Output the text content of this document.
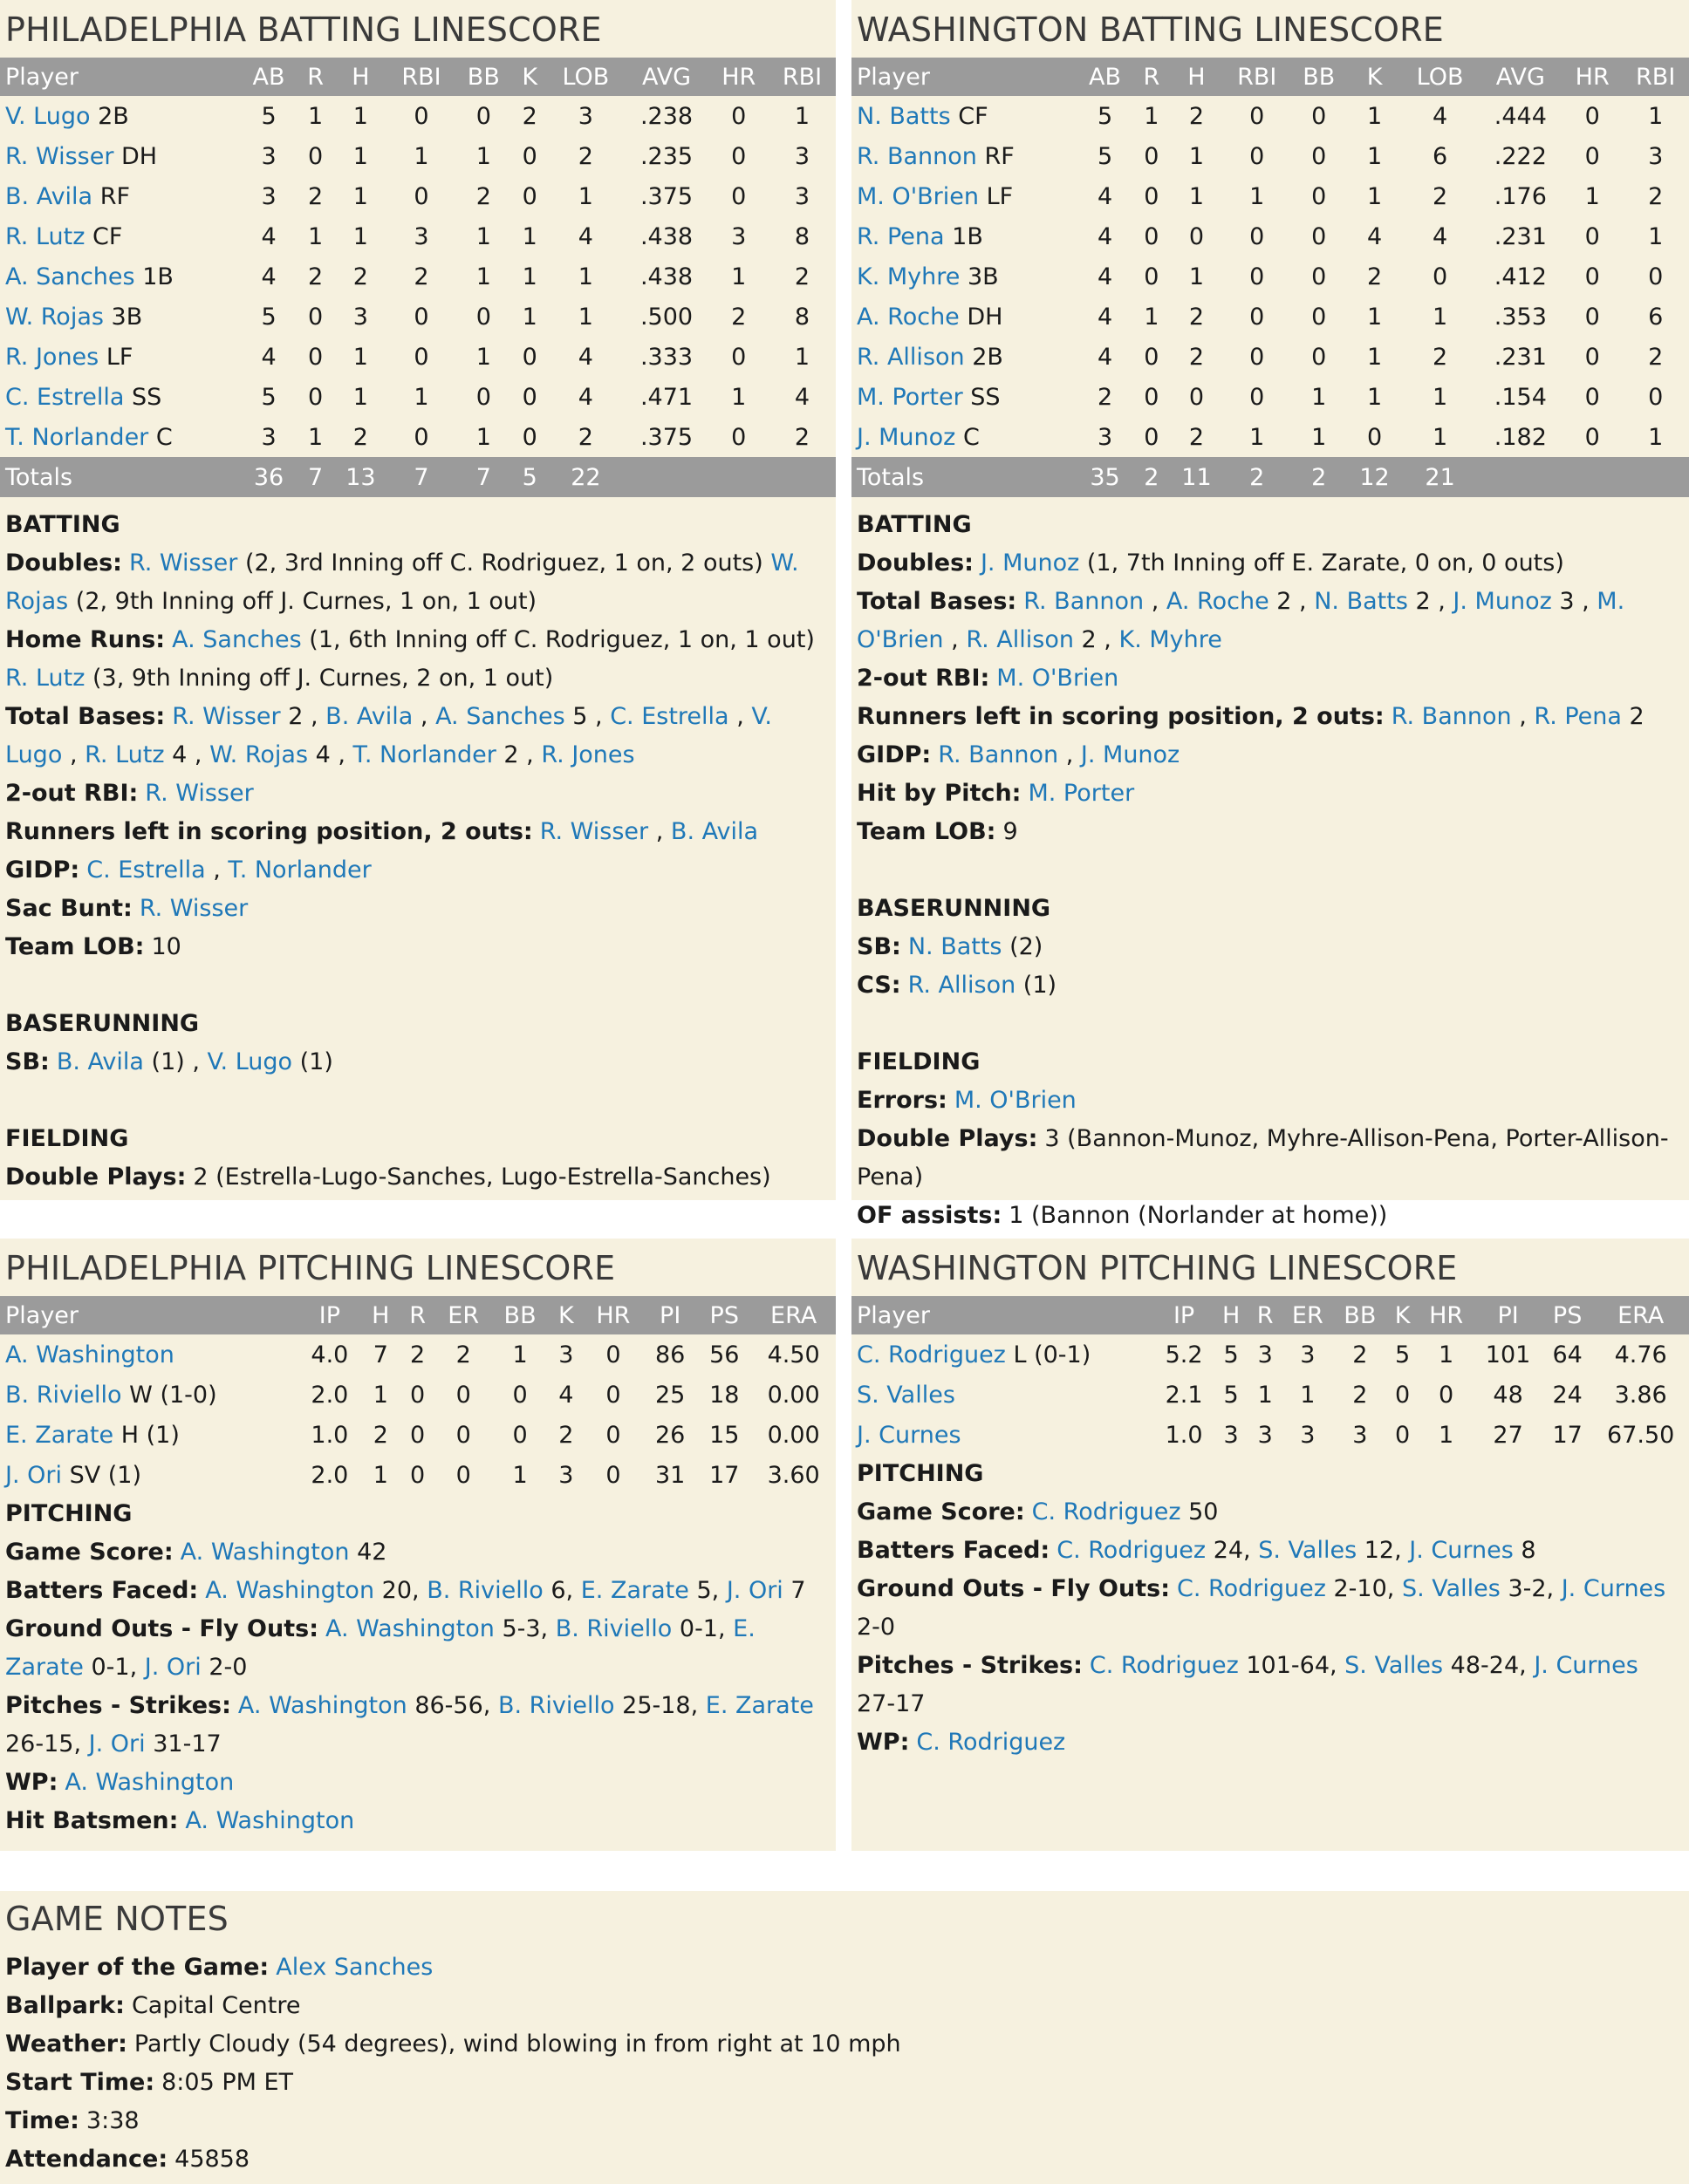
PHILADELPHIA BATTING LINESCORE
Player	AB	R	H	RBI	BB	K	LOB	AVG	HR	RBI
V. Lugo 2B	5	1	1	0	0	2	3	.238	0	1
R. Wisser DH	3	0	1	1	1	0	2	.235	0	3
B. Avila RF	3	2	1	0	2	0	1	.375	0	3
R. Lutz CF	4	1	1	3	1	1	4	.438	3	8
A. Sanches 1B	4	2	2	2	1	1	1	.438	1	2
W. Rojas 3B	5	0	3	0	0	1	1	.500	2	8
R. Jones LF	4	0	1	0	1	0	4	.333	0	1
C. Estrella SS	5	0	1	1	0	0	4	.471	1	4
T. Norlander C	3	1	2	0	1	0	2	.375	0	2
Totals	36	7	13	7	7	5	22			
BATTING
Doubles: R. Wisser (2, 3rd Inning off C. Rodriguez, 1 on, 2 outs) W. Rojas (2, 9th Inning off J. Curnes, 1 on, 1 out)
Home Runs: A. Sanches (1, 6th Inning off C. Rodriguez, 1 on, 1 out) R. Lutz (3, 9th Inning off J. Curnes, 2 on, 1 out)
Total Bases: R. Wisser 2 , B. Avila , A. Sanches 5 , C. Estrella , V. Lugo , R. Lutz 4 , W. Rojas 4 , T. Norlander 2 , R. Jones
2-out RBI: R. Wisser
Runners left in scoring position, 2 outs: R. Wisser , B. Avila
GIDP: C. Estrella , T. Norlander
Sac Bunt: R. Wisser
Team LOB: 10
BASERUNNING
SB: B. Avila (1) , V. Lugo (1)
FIELDING
Double Plays: 2 (Estrella-Lugo-Sanches, Lugo-Estrella-Sanches)
WASHINGTON BATTING LINESCORE
Player	AB	R	H	RBI	BB	K	LOB	AVG	HR	RBI
N. Batts CF	5	1	2	0	0	1	4	.444	0	1
R. Bannon RF	5	0	1	0	0	1	6	.222	0	3
M. O'Brien LF	4	0	1	1	0	1	2	.176	1	2
R. Pena 1B	4	0	0	0	0	4	4	.231	0	1
K. Myhre 3B	4	0	1	0	0	2	0	.412	0	0
A. Roche DH	4	1	2	0	0	1	1	.353	0	6
R. Allison 2B	4	0	2	0	0	1	2	.231	0	2
M. Porter SS	2	0	0	0	1	1	1	.154	0	0
J. Munoz C	3	0	2	1	1	0	1	.182	0	1
Totals	35	2	11	2	2	12	21			
BATTING
Doubles: J. Munoz (1, 7th Inning off E. Zarate, 0 on, 0 outs)
Total Bases: R. Bannon , A. Roche 2 , N. Batts 2 , J. Munoz 3 , M. O'Brien , R. Allison 2 , K. Myhre
2-out RBI: M. O'Brien
Runners left in scoring position, 2 outs: R. Bannon , R. Pena 2
GIDP: R. Bannon , J. Munoz
Hit by Pitch: M. Porter
Team LOB: 9
BASERUNNING
SB: N. Batts (2)
CS: R. Allison (1)
FIELDING
Errors: M. O'Brien
Double Plays: 3 (Bannon-Munoz, Myhre-Allison-Pena, Porter-Allison-Pena)
OF assists: 1 (Bannon (Norlander at home))
PHILADELPHIA PITCHING LINESCORE
Player	IP	H	R	ER	BB	K	HR	PI	PS	ERA
A. Washington	4.0	7	2	2	1	3	0	86	56	4.50
B. Riviello W (1-0)	2.0	1	0	0	0	4	0	25	18	0.00
E. Zarate H (1)	1.0	2	0	0	0	2	0	26	15	0.00
J. Ori SV (1)	2.0	1	0	0	1	3	0	31	17	3.60
PITCHING
Game Score: A. Washington 42
Batters Faced: A. Washington 20, B. Riviello 6, E. Zarate 5, J. Ori 7
Ground Outs - Fly Outs: A. Washington 5-3, B. Riviello 0-1, E. Zarate 0-1, J. Ori 2-0
Pitches - Strikes: A. Washington 86-56, B. Riviello 25-18, E. Zarate 26-15, J. Ori 31-17
WP: A. Washington
Hit Batsmen: A. Washington
WASHINGTON PITCHING LINESCORE
Player	IP	H	R	ER	BB	K	HR	PI	PS	ERA
C. Rodriguez L (0-1)	5.2	5	3	3	2	5	1	101	64	4.76
S. Valles	2.1	5	1	1	2	0	0	48	24	3.86
J. Curnes	1.0	3	3	3	3	0	1	27	17	67.50
PITCHING
Game Score: C. Rodriguez 50
Batters Faced: C. Rodriguez 24, S. Valles 12, J. Curnes 8
Ground Outs - Fly Outs: C. Rodriguez 2-10, S. Valles 3-2, J. Curnes 2-0
Pitches - Strikes: C. Rodriguez 101-64, S. Valles 48-24, J. Curnes 27-17
WP: C. Rodriguez
GAME NOTES
Player of the Game: Alex Sanches
Ballpark: Capital Centre
Weather: Partly Cloudy (54 degrees), wind blowing in from right at 10 mph
Start Time: 8:05 PM ET
Time: 3:38
Attendance: 45858
